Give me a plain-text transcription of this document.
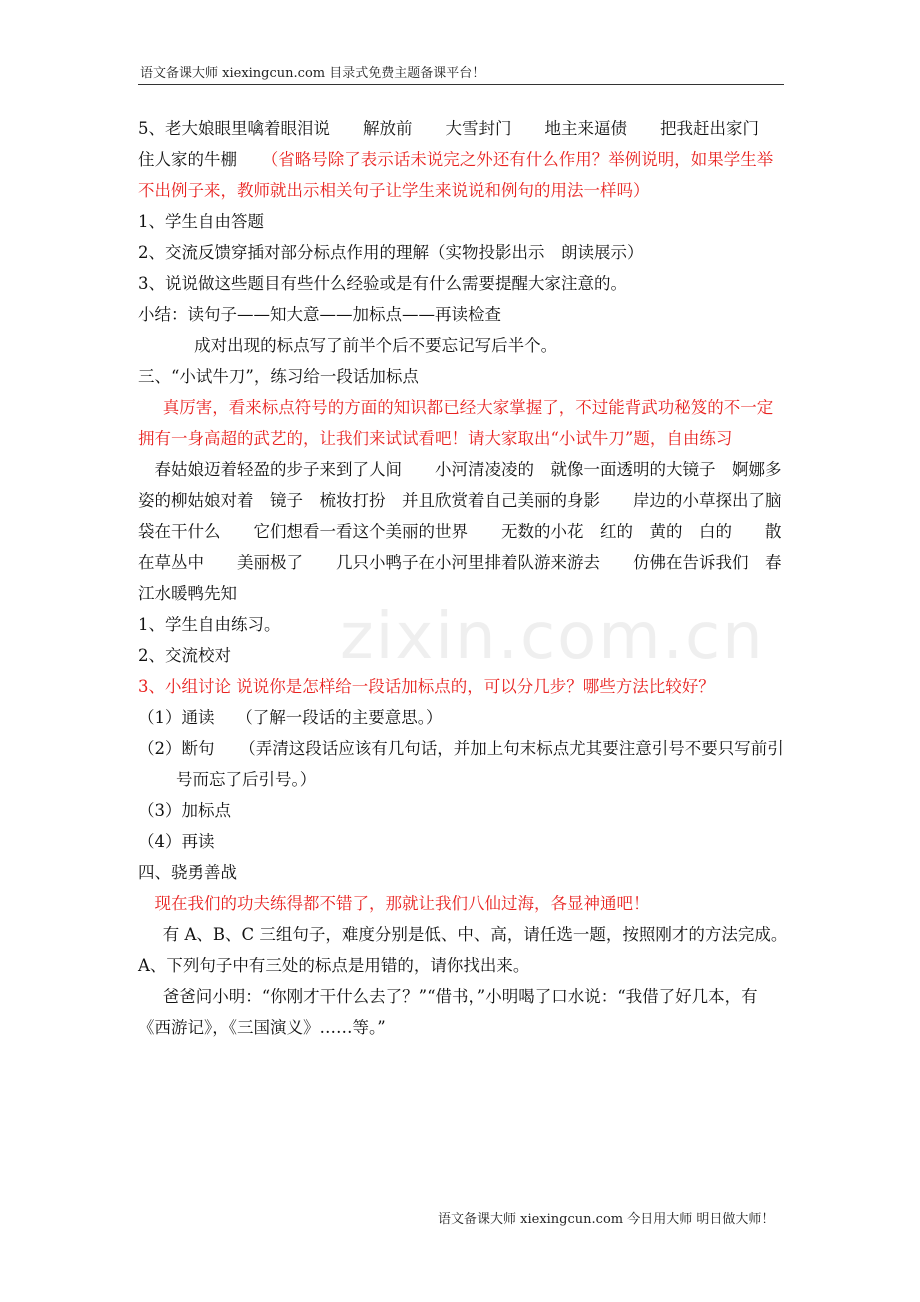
语文备课大师 xiexingcun.com 目录式免费主题备课平台！
zixin.com.cn

5、老大娘眼里噙着眼泪说　　解放前　　大雪封门　　地主来逼债　　把我赶出家门　　住人家的牛棚　　（省略号除了表示话未说完之外还有什么作用？举例说明，如果学生举不出例子来，教师就出示相关句子让学生来说说和例句的用法一样吗）

1、学生自由答题

2、交流反馈穿插对部分标点作用的理解（实物投影出示　朗读展示）

3、说说做这些题目有些什么经验或是有什么需要提醒大家注意的。

小结：读句子——知大意——加标点——再读检查

成对出现的标点写了前半个后不要忘记写后半个。

三、“小试牛刀”，练习给一段话加标点

真厉害，看来标点符号的方面的知识都已经大家掌握了，不过能背武功秘笈的不一定拥有一身高超的武艺的，让我们来试试看吧！请大家取出“小试牛刀”题，自由练习

春姑娘迈着轻盈的步子来到了人间　　小河清凌凌的　就像一面透明的大镜子　婀娜多姿的柳姑娘对着　镜子　梳妆打扮　并且欣赏着自己美丽的身影　　岸边的小草探出了脑袋在干什么　　它们想看一看这个美丽的世界　　无数的小花　红的　黄的　白的　　散在草丛中　　美丽极了　　几只小鸭子在小河里排着队游来游去　　仿佛在告诉我们　春江水暖鸭先知

1、学生自由练习。

2、交流校对

3、小组讨论 说说你是怎样给一段话加标点的，可以分几步？哪些方法比较好？

（1）通读　 （了解一段话的主要意思。）

（2）断句　　（弄清这段话应该有几句话，并加上句末标点尤其要注意引号不要只写前引号而忘了后引号。）

（3）加标点

（4）再读

四、骁勇善战

现在我们的功夫练得都不错了，那就让我们八仙过海，各显神通吧！

有 A、B、C 三组句子，难度分别是低、中、高，请任选一题，按照刚才的方法完成。

A、下列句子中有三处的标点是用错的，请你找出来。

爸爸问小明：“你刚才干什么去了？”“借书，”小明喝了口水说：“我借了好几本，有《西游记》，《三国演义》……等。”

语文备课大师 xiexingcun.com 今日用大师 明日做大师！
